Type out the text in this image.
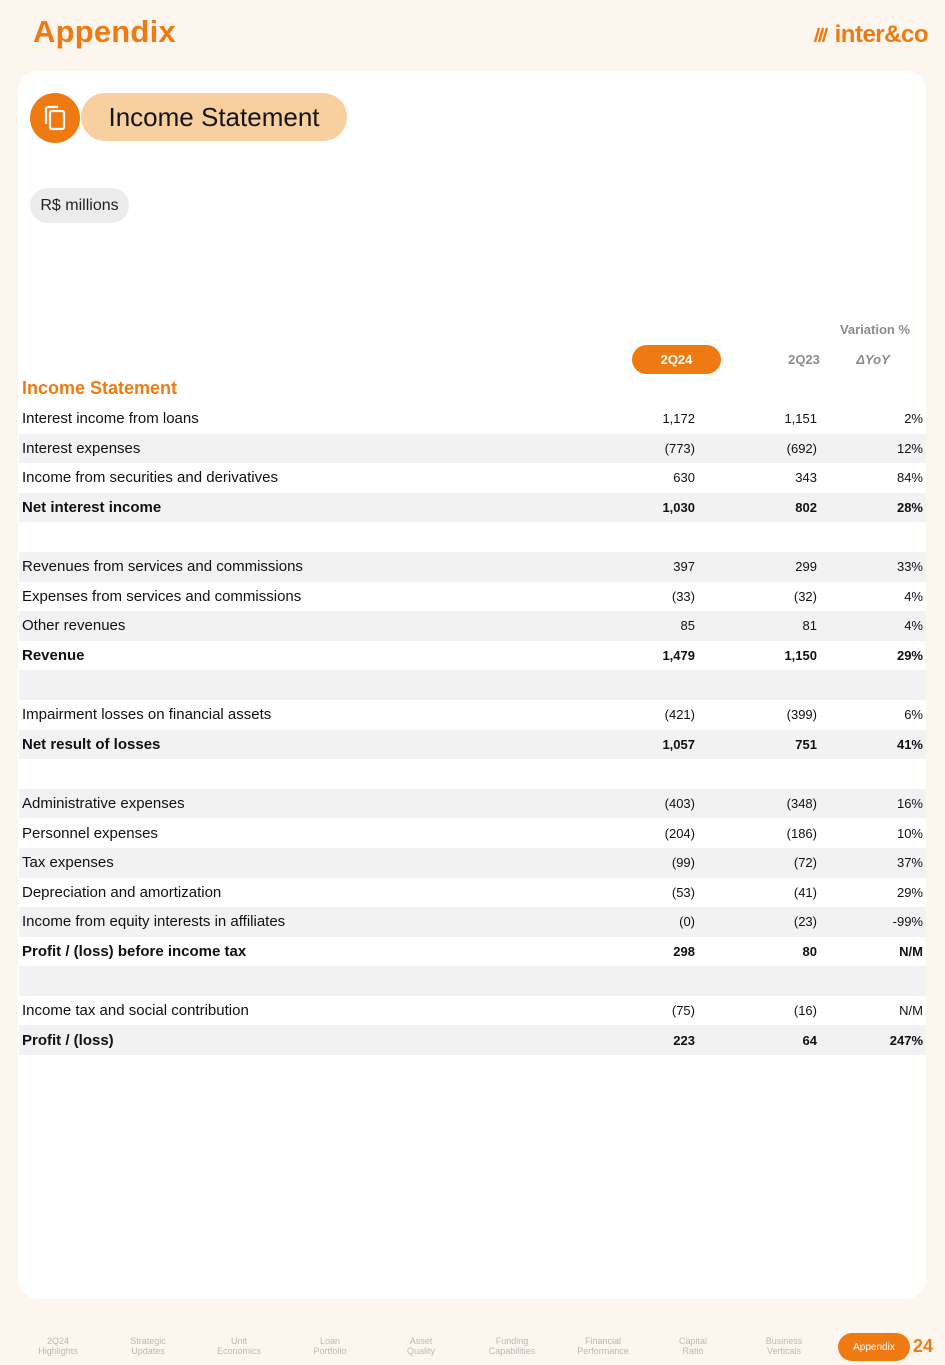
Appendix	inter&co
Income Statement
R$ millions
Variation %
2Q24	2Q23	ΔYoY
Income Statement
Interest income from loans	1,172	1,151	2%
Interest expenses	(773)	(692)	12%
Income from securities and derivatives	630	343	84%
Net interest income	1,030	802	28%
Revenues from services and commissions	397	299	33%
Expenses from services and commissions	(33)	(32)	4%
Other revenues	85	81	4%
Revenue	1,479	1,150	29%
Impairment losses on financial assets	(421)	(399)	6%
Net result of losses	1,057	751	41%
Administrative expenses	(403)	(348)	16%
Personnel expenses	(204)	(186)	10%
Tax expenses	(99)	(72)	37%
Depreciation and amortization	(53)	(41)	29%
Income from equity interests in affiliates	(0)	(23)	-99%
Profit / (loss) before income tax	298	80	N/M
Income tax and social contribution	(75)	(16)	N/M
Profit / (loss)	223	64	247%
Appendix	24
2Q24
Highlights
Strategic
Updates
Unit
Economics
Loan
Portfolio
Asset
Quality
Funding
Capabilities
Financial
Performance
Capital
Ratio
Business
Verticals
